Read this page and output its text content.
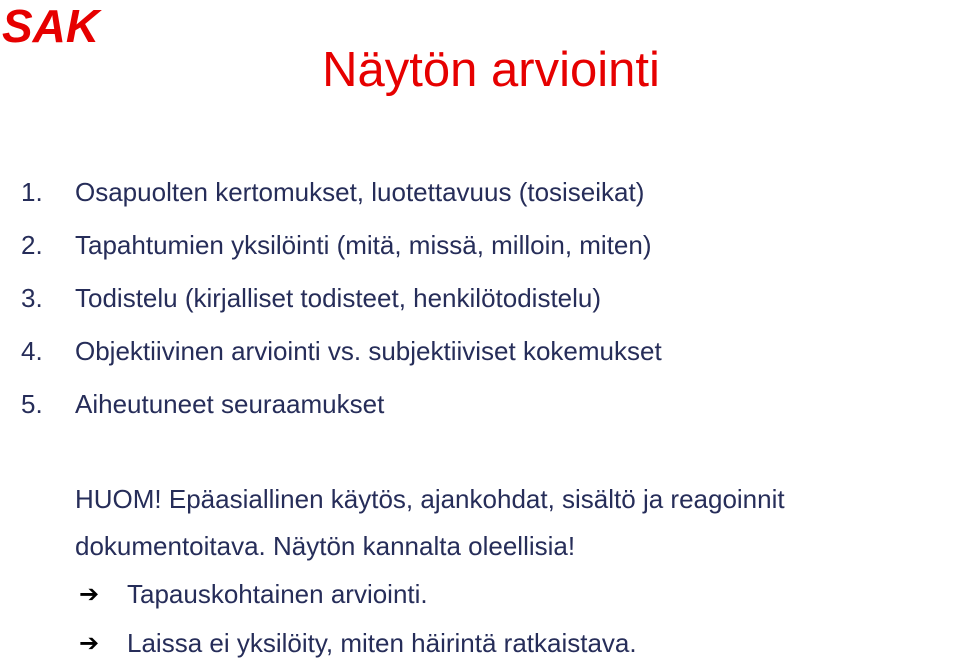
SAK
Näytön arviointi
1.	Osapuolten kertomukset, luotettavuus (tosiseikat)
2.	Tapahtumien yksilöinti (mitä, missä, milloin, miten)
3.	Todistelu (kirjalliset todisteet, henkilötodistelu)
4.	Objektiivinen arviointi vs. subjektiiviset kokemukset
5.	Aiheutuneet seuraamukset
HUOM! Epäasiallinen käytös, ajankohdat, sisältö ja reagoinnit
dokumentoitava. Näytön kannalta oleellisia!
➔	Tapauskohtainen arviointi.
➔	Laissa ei yksilöity, miten häirintä ratkaistava.
